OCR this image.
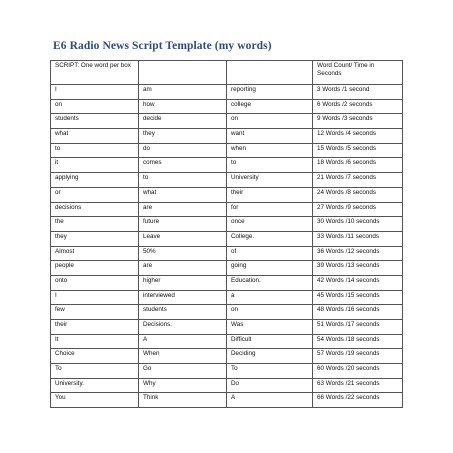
E6 Radio News Script Template (my words)
SCRIPT: One word per box			Word Count/ Time in Seconds
I	am	reporting	3 Words /1 second
on	how	college	6 Words /2 seconds
students	decide	on	9 Words /3 seconds
what	they	want	12 Words /4 seconds
to	do	when	15 Words /5 seconds
it	comes	to	18 Words /6 seconds
applying	to	University	21 Words /7 seconds
or	what	their	24 Words /8 seconds
decisions	are	for	27 Words /9 seconds
the	future	once	30 Words /10 seconds
they	Leave	College.	33 Words /11 seconds
Almost	50%	of	36 Words /12 seconds
people	are	going	39 Words /13 seconds
onto	higher	Education.	42 Words /14 seconds
I	interviewed	a	45 Words /15 seconds
few	students	on	48 Words /16 seconds
their	Decisions.	Was	51 Words /17 seconds
It	A	Difficult	54 Words /18 seconds
Choice	When	Deciding	57 Words /19 seconds
To	Go	To	60 Words /20 seconds
University.	Why	Do	63 Words /21 seconds
You	Think	A	66 Words /22 seconds
